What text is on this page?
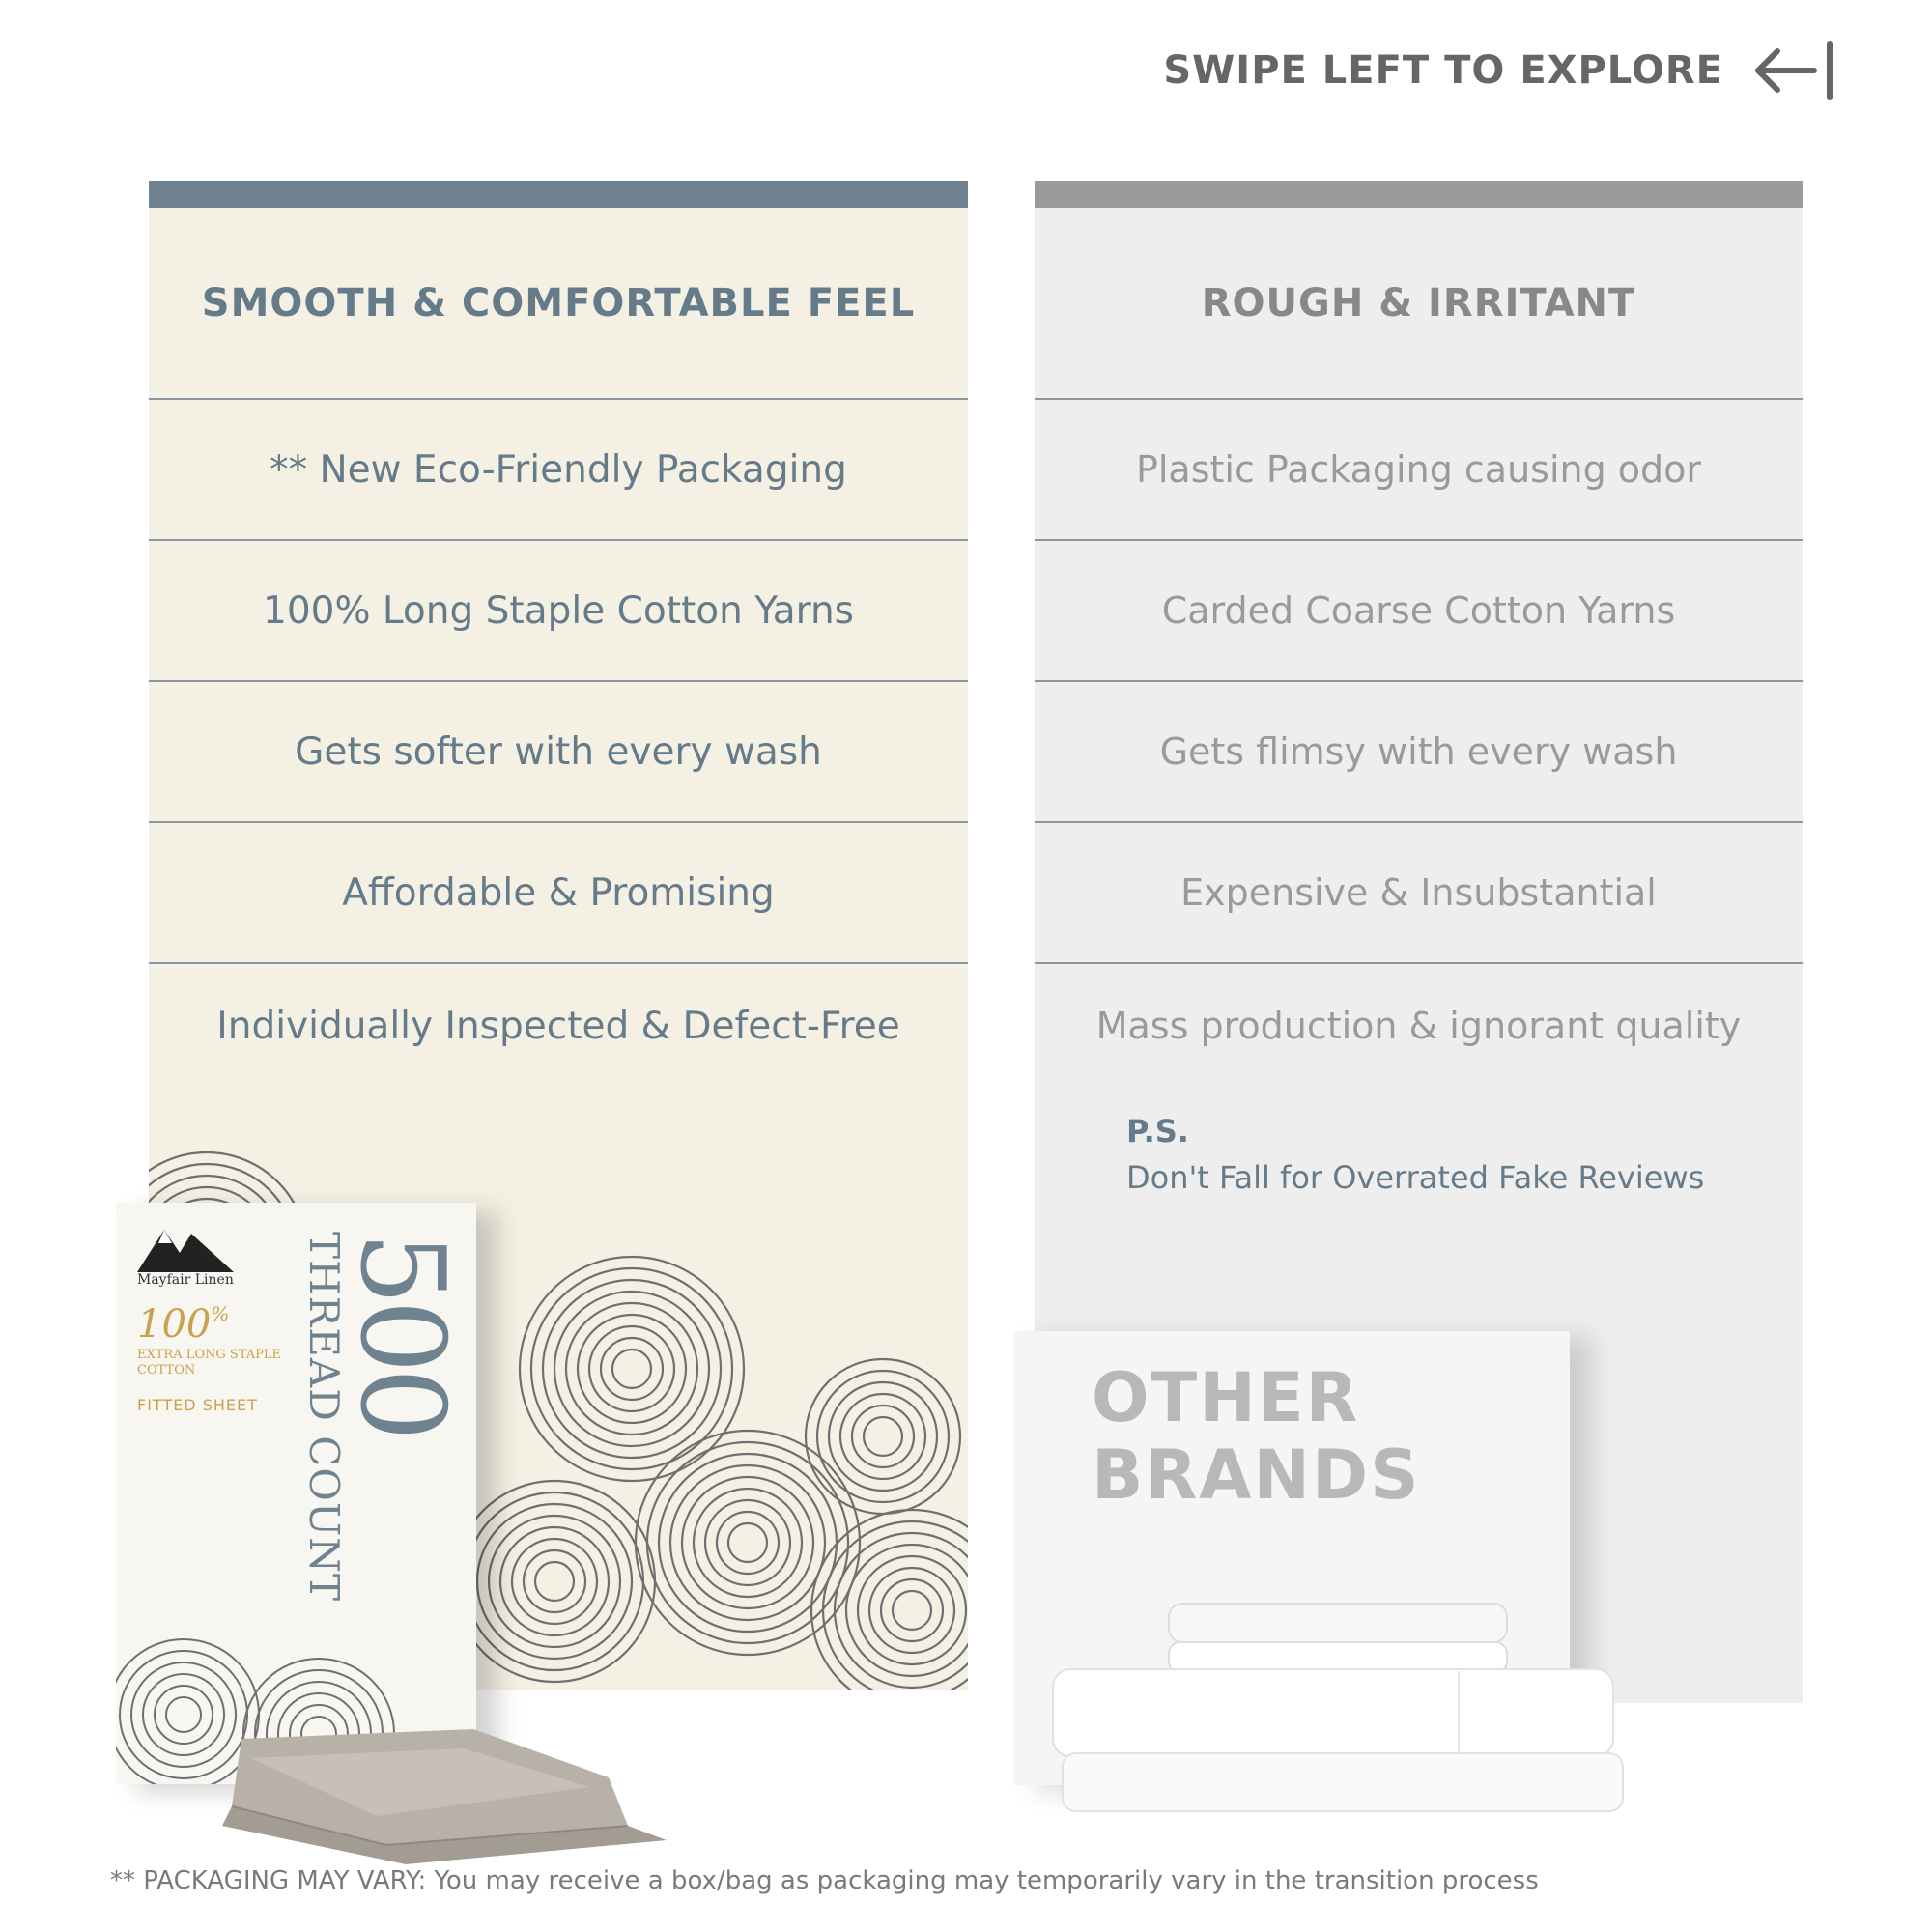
SWIPE LEFT TO EXPLORE
SMOOTH & COMFORTABLE FEEL
** New Eco-Friendly Packaging
100% Long Staple Cotton Yarns
Gets softer with every wash
Affordable & Promising
Individually Inspected & Defect-Free
ROUGH & IRRITANT
Plastic Packaging causing odor
Carded Coarse Cotton Yarns
Gets flimsy with every wash
Expensive & Insubstantial
Mass production & ignorant quality
P.S.
Don't Fall for Overrated Fake Reviews
Mayfair Linen
100%
EXTRA LONG STAPLE COTTON
FITTED SHEET 500
THREAD COUNT	OTHER
BRANDS
** PACKAGING MAY VARY: You may receive a box/bag as packaging may temporarily vary in the transition process
